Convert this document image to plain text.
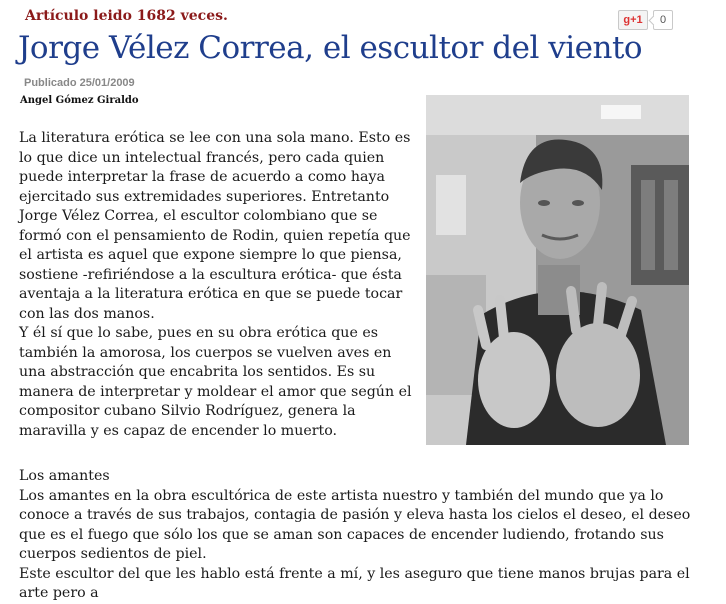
Artículo leido 1682 veces.	g+1	0
Jorge Vélez Correa, el escultor del viento
Publicado 25/01/2009
Angel Gómez Giraldo

La literatura erótica se lee con una sola mano. Esto es lo que dice un intelectual francés, pero cada quien puede interpretar la frase de acuerdo a como haya ejercitado sus extremidades superiores. Entretanto Jorge Vélez Correa, el escultor colombiano que se formó con el pensamiento de Rodin, quien repetía que el artista es aquel que expone siempre lo que piensa, sostiene -refiriéndose a la escultura erótica- que ésta aventaja a la literatura erótica en que se puede tocar con las dos manos.

Y él sí que lo sabe, pues en su obra erótica que es también la amorosa, los cuerpos se vuelven aves en una abstracción que encabrita los sentidos. Es su manera de interpretar y moldear el amor que según el compositor cubano Silvio Rodríguez, genera la maravilla y es capaz de encender lo muerto.

Los amantes

Los amantes en la obra escultórica de este artista nuestro y también del mundo que ya lo conoce a través de sus trabajos, contagia de pasión y eleva hasta los cielos el deseo, el deseo que es el fuego que sólo los que se aman son capaces de encender ludiendo, frotando sus cuerpos sedientos de piel.

Este escultor del que les hablo está frente a mí, y les aseguro que tiene manos brujas para el arte pero a
